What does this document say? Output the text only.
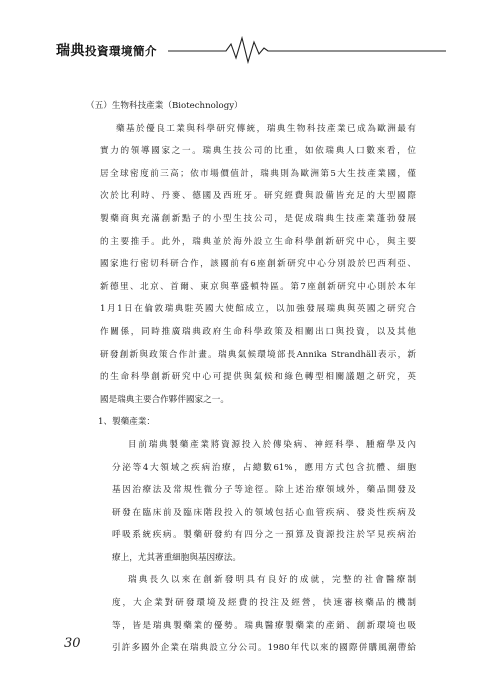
瑞典投資環境簡介
（五）生物科技產業（Biotechnology）
藥基於優良工業與科學研究傳統，瑞典生物科技產業已成為歐洲最有
實力的領導國家之一。瑞典生技公司的比重，如依瑞典人口數來看，位
居全球密度前三高；依市場價值計，瑞典則為歐洲第5大生技產業國，僅
次於比利時、丹麥、德國及西班牙。研究經費與設備皆充足的大型國際
製藥商與充滿創新點子的小型生技公司，是促成瑞典生技產業蓬勃發展
的主要推手。此外，瑞典並於海外設立生命科學創新研究中心，與主要
國家進行密切科研合作，該國前有6座創新研究中心分別設於巴西利亞、
新德里、北京、首爾、東京與華盛頓特區。第7座創新研究中心則於本年
1月1日在倫敦瑞典駐英國大使館成立，以加強發展瑞典與英國之研究合
作關係，同時推廣瑞典政府生命科學政策及相關出口與投資，以及其他
研發創新與政策合作計畫。瑞典氣候環境部長Annika Strandhäll表示，新
的生命科學創新研究中心可提供與氣候和綠色轉型相關議題之研究，英
國是瑞典主要合作夥伴國家之一。
1、製藥產業：
目前瑞典製藥產業將資源投入於傳染病、神經科學、腫瘤學及內
分泌等4大領域之疾病治療，占總數61%，應用方式包含抗體、細胞
基因治療法及常規性微分子等途徑。除上述治療領域外，藥品開發及
研發在臨床前及臨床階段投入的領域包括心血管疾病、發炎性疾病及
呼吸系統疾病。製藥研發約有四分之一預算及資源投注於罕見疾病治
療上，尤其著重細胞與基因療法。
瑞典長久以來在創新發明具有良好的成就，完整的社會醫療制
度，大企業對研發環境及經費的投注及經營，快速審核藥品的機制
等，皆是瑞典製藥業的優勢。瑞典醫療製藥業的產銷、創新環境也吸
引許多國外企業在瑞典設立分公司。1980年代以來的國際併購風潮帶給
30
